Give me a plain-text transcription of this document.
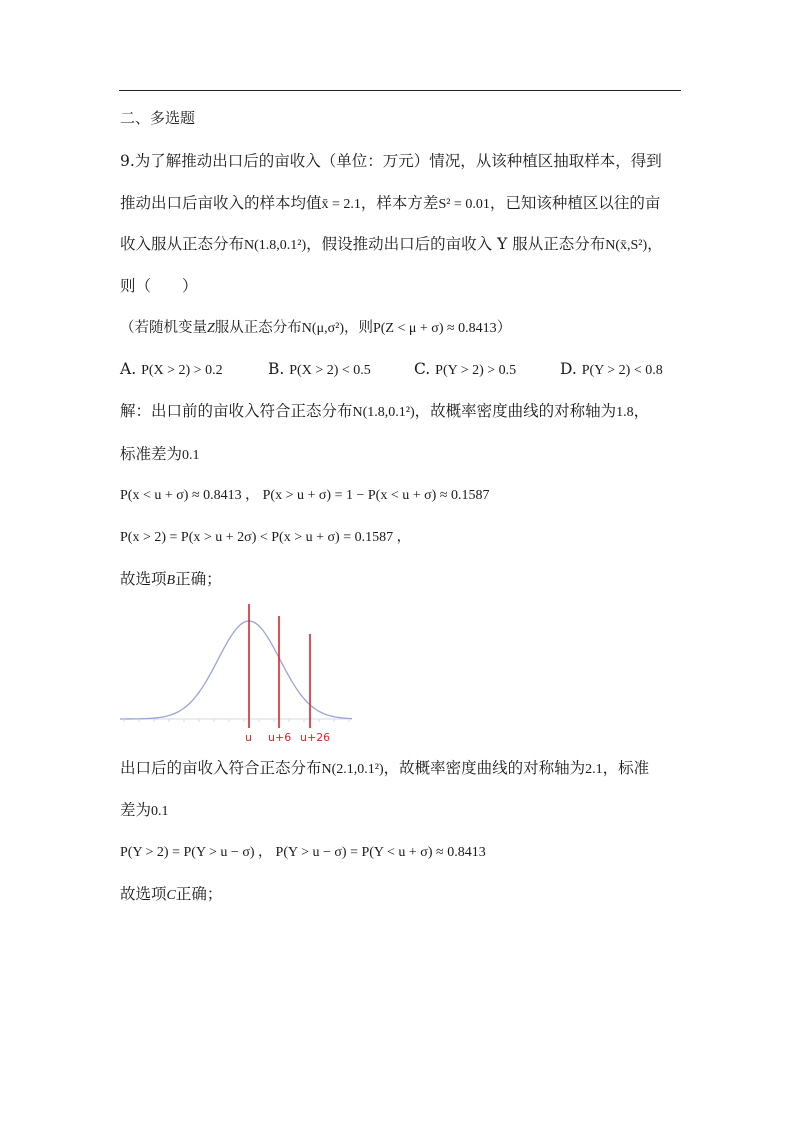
二、多选题
9.为了解推动出口后的亩收入（单位：万元）情况，从该种植区抽取样本，得到
推动出口后亩收入的样本均值x̄ = 2.1，样本方差S² = 0.01，已知该种植区以往的亩
收入服从正态分布N(1.8,0.1²)，假设推动出口后的亩收入 Y 服从正态分布N(x̄,S²)，
则（　　）
（若随机变量Z服从正态分布N(μ,σ²)，则P(Z < μ + σ) ≈ 0.8413）
A. P(X > 2) > 0.2	B. P(X > 2) < 0.5	C. P(Y > 2) > 0.5	D. P(Y > 2) < 0.8
解：出口前的亩收入符合正态分布N(1.8,0.1²)，故概率密度曲线的对称轴为1.8，
标准差为0.1
P(x < u + σ) ≈ 0.8413 ， P(x > u + σ) = 1 − P(x < u + σ) ≈ 0.1587
P(x > 2) = P(x > u + 2σ) < P(x > u + σ) = 0.1587 ，
故选项B正确；
u u+6 u+26
出口后的亩收入符合正态分布N(2.1,0.1²)，故概率密度曲线的对称轴为2.1，标准
差为0.1
P(Y > 2) = P(Y > u − σ) ， P(Y > u − σ) = P(Y < u + σ) ≈ 0.8413
故选项C正确；
